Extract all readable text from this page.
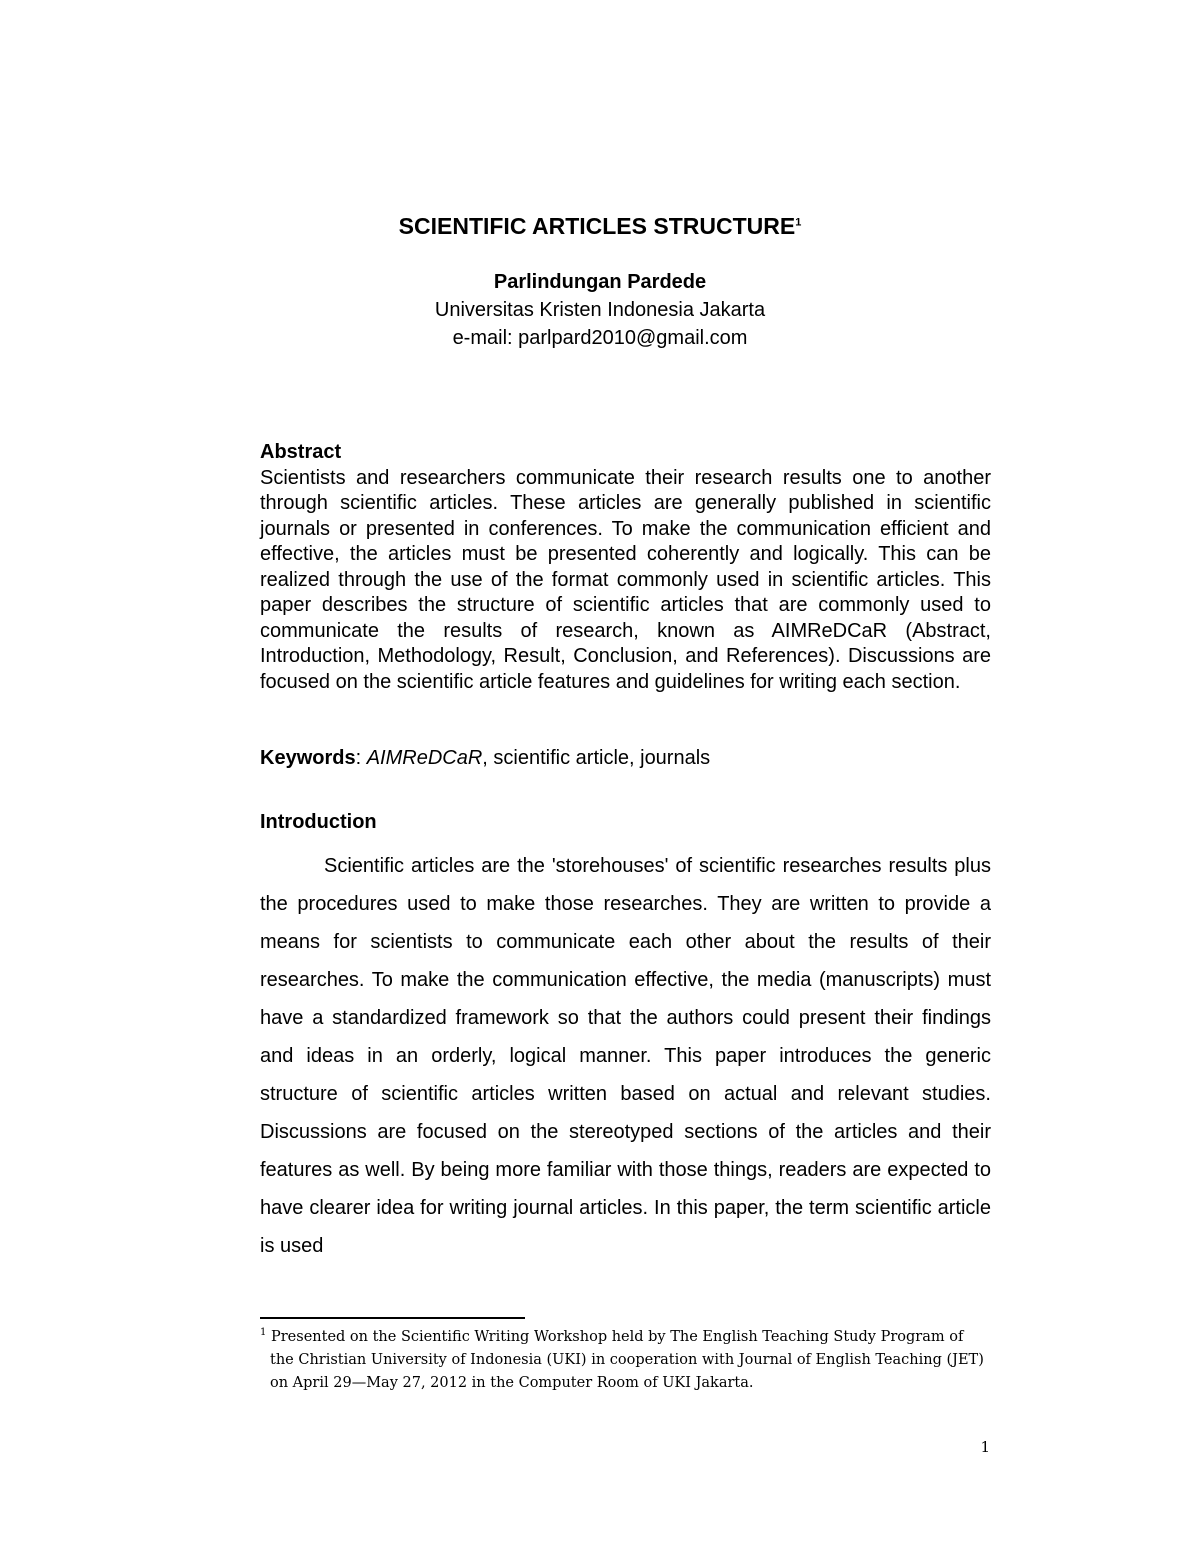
SCIENTIFIC ARTICLES STRUCTURE$^1$

Parlindungan Pardede

Universitas Kristen Indonesia Jakarta

e-mail: parlpard2010@gmail.com

Abstract

Scientists and researchers communicate their research results one to another through scientific articles. These articles are generally published in scientific journals or presented in conferences. To make the communication efficient and effective, the articles must be presented coherently and logically. This can be realized through the use of the format commonly used in scientific articles. This paper describes the structure of scientific articles that are commonly used to communicate the results of research, known as AIMReDCaR (Abstract, Introduction, Methodology, Result, Conclusion, and References). Discussions are focused on the scientific article features and guidelines for writing each section.

Keywords: AIMReDCaR, scientific article, journals

Introduction

Scientific articles are the 'storehouses' of scientific researches results plus the procedures used to make those researches. They are written to provide a means for scientists to communicate each other about the results of their researches. To make the communication effective, the media (manuscripts) must have a standardized framework so that the authors could present their findings and ideas in an orderly, logical manner. This paper introduces the generic structure of scientific articles written based on actual and relevant studies. Discussions are focused on the stereotyped sections of the articles and their features as well. By being more familiar with those things, readers are expected to have clearer idea for writing journal articles. In this paper, the term scientific article is used

$^1$ Presented on the Scientific Writing Workshop held by The English Teaching Study Program of
the Christian University of Indonesia (UKI) in cooperation with Journal of English Teaching (JET)
on April 29—May 27, 2012 in the Computer Room of UKI Jakarta.

1
